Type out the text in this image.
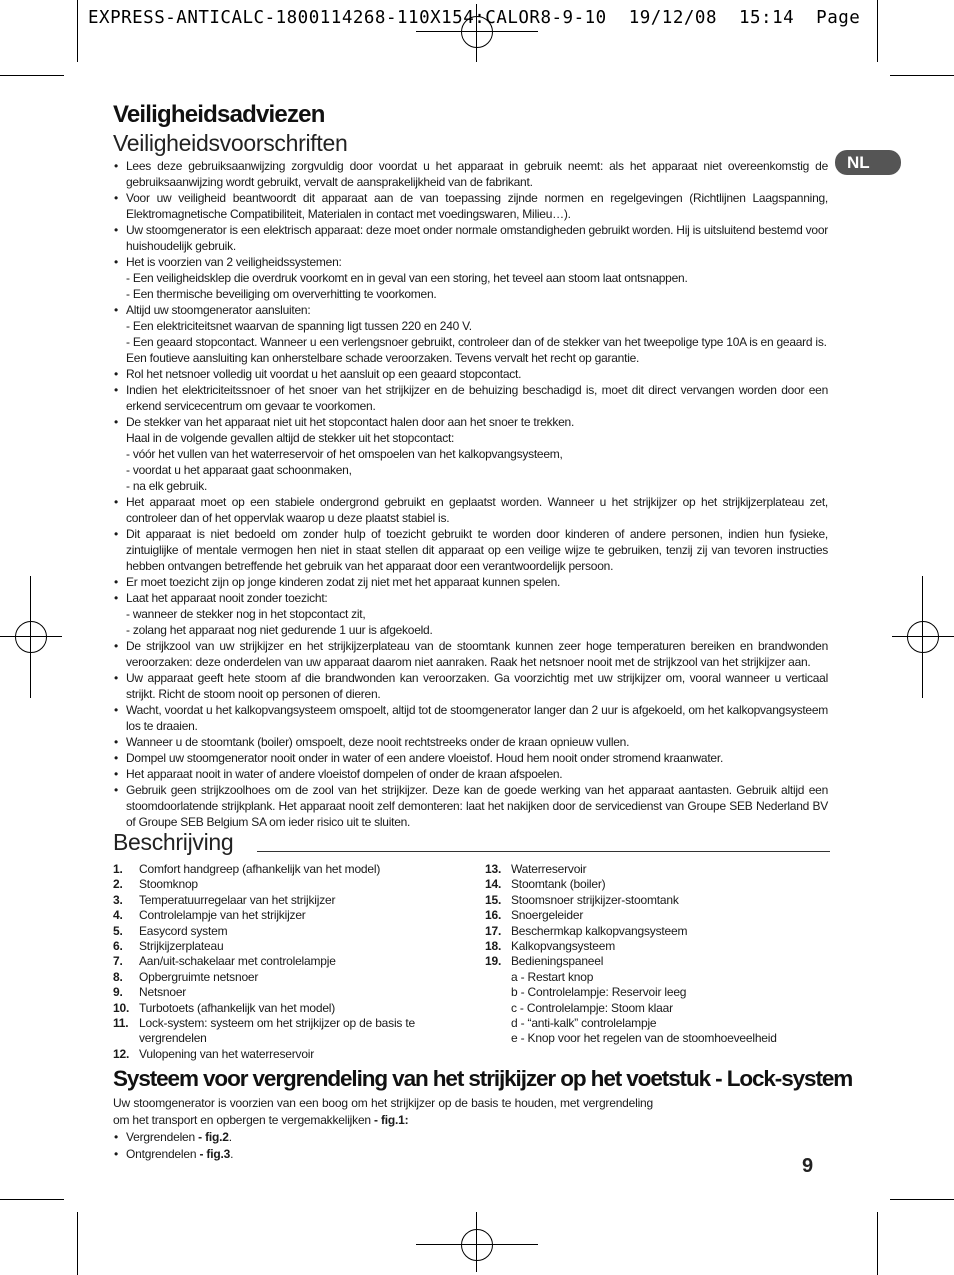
EXPRESS-ANTICALC-1800114268-110X154:CALOR8-9-10 19/12/08 15:14 Page
NL
Veiligheidsadviezen
Veiligheidsvoorschriften
• Lees deze gebruiksaanwijzing zorgvuldig door voordat u het apparaat in gebruik neemt: als het apparaat niet overeenkomstig de gebruiksaanwijzing wordt gebruikt, vervalt de aansprakelijkheid van de fabrikant.
• Voor uw veiligheid beantwoordt dit apparaat aan de van toepassing zijnde normen en regelgevingen (Richtlijnen Laagspanning, Elektromagnetische Compatibiliteit, Materialen in contact met voedingswaren, Milieu…).
• Uw stoomgenerator is een elektrisch apparaat: deze moet onder normale omstandigheden gebruikt worden. Hij is uitsluitend bestemd voor huishoudelijk gebruik.
• Het is voorzien van 2 veiligheidssystemen:
- Een veiligheidsklep die overdruk voorkomt en in geval van een storing, het teveel aan stoom laat ontsnappen.
- Een thermische beveiliging om oververhitting te voorkomen.
• Altijd uw stoomgenerator aansluiten:
- Een elektriciteitsnet waarvan de spanning ligt tussen 220 en 240 V.
- Een geaard stopcontact. Wanneer u een verlengsnoer gebruikt, controleer dan of de stekker van het tweepolige type 10A is en geaard is. Een foutieve aansluiting kan onherstelbare schade veroorzaken. Tevens vervalt het recht op garantie.
• Rol het netsnoer volledig uit voordat u het aansluit op een geaard stopcontact.
• Indien het elektriciteitssnoer of het snoer van het strijkijzer en de behuizing beschadigd is, moet dit direct vervangen worden door een erkend servicecentrum om gevaar te voorkomen.
• De stekker van het apparaat niet uit het stopcontact halen door aan het snoer te trekken.
Haal in de volgende gevallen altijd de stekker uit het stopcontact:
- vóór het vullen van het waterreservoir of het omspoelen van het kalkopvangsysteem,
- voordat u het apparaat gaat schoonmaken,
- na elk gebruik.
• Het apparaat moet op een stabiele ondergrond gebruikt en geplaatst worden. Wanneer u het strijkijzer op het strijkijzerplateau zet, controleer dan of het oppervlak waarop u deze plaatst stabiel is.
• Dit apparaat is niet bedoeld om zonder hulp of toezicht gebruikt te worden door kinderen of andere personen, indien hun fysieke, zintuiglijke of mentale vermogen hen niet in staat stellen dit apparaat op een veilige wijze te gebruiken, tenzij zij van tevoren instructies hebben ontvangen betreffende het gebruik van het apparaat door een verantwoordelijk persoon.
• Er moet toezicht zijn op jonge kinderen zodat zij niet met het apparaat kunnen spelen.
• Laat het apparaat nooit zonder toezicht:
- wanneer de stekker nog in het stopcontact zit,
- zolang het apparaat nog niet gedurende 1 uur is afgekoeld.
• De strijkzool van uw strijkijzer en het strijkijzerplateau van de stoomtank kunnen zeer hoge temperaturen bereiken en brandwonden veroorzaken: deze onderdelen van uw apparaat daarom niet aanraken. Raak het netsnoer nooit met de strijkzool van het strijkijzer aan.
• Uw apparaat geeft hete stoom af die brandwonden kan veroorzaken. Ga voorzichtig met uw strijkijzer om, vooral wanneer u verticaal strijkt. Richt de stoom nooit op personen of dieren.
• Wacht, voordat u het kalkopvangsysteem omspoelt, altijd tot de stoomgenerator langer dan 2 uur is afgekoeld, om het kalkopvangsysteem los te draaien.
• Wanneer u de stoomtank (boiler) omspoelt, deze nooit rechtstreeks onder de kraan opnieuw vullen.
• Dompel uw stoomgenerator nooit onder in water of een andere vloeistof. Houd hem nooit onder stromend kraanwater.
• Het apparaat nooit in water of andere vloeistof dompelen of onder de kraan afspoelen.
• Gebruik geen strijkzoolhoes om de zool van het strijkijzer. Deze kan de goede werking van het apparaat aantasten. Gebruik altijd een stoomdoorlatende strijkplank. Het apparaat nooit zelf demonteren: laat het nakijken door de servicedienst van Groupe SEB Nederland BV of Groupe SEB Belgium SA om ieder risico uit te sluiten.
Beschrijving
1.	Comfort handgreep (afhankelijk van het model)
2.	Stoomknop
3.	Temperatuurregelaar van het strijkijzer
4.	Controlelampje van het strijkijzer
5.	Easycord system
6.	Strijkijzerplateau
7.	Aan/uit-schakelaar met controlelampje
8.	Opbergruimte netsnoer
9.	Netsnoer
10. Turbotoets (afhankelijk van het model)
11. Lock-system: systeem om het strijkijzer op de basis te vergrendelen
12. Vulopening van het waterreservoir
13. Waterreservoir
14. Stoomtank (boiler)
15. Stoomsnoer strijkijzer-stoomtank
16. Snoergeleider
17. Beschermkap kalkopvangsysteem
18. Kalkopvangsysteem
19. Bedieningspaneel
a - Restart knop
b - Controlelampje: Reservoir leeg
c - Controlelampje: Stoom klaar
d - “anti-kalk” controlelampje
e - Knop voor het regelen van de stoomhoeveelheid
Systeem voor vergrendeling van het strijkijzer op het voetstuk - Lock-system
Uw stoomgenerator is voorzien van een boog om het strijkijzer op de basis te houden, met vergrendeling om het transport en opbergen te vergemakkelijken - fig.1:
• Vergrendelen - fig.2.
• Ontgrendelen - fig.3.
9
